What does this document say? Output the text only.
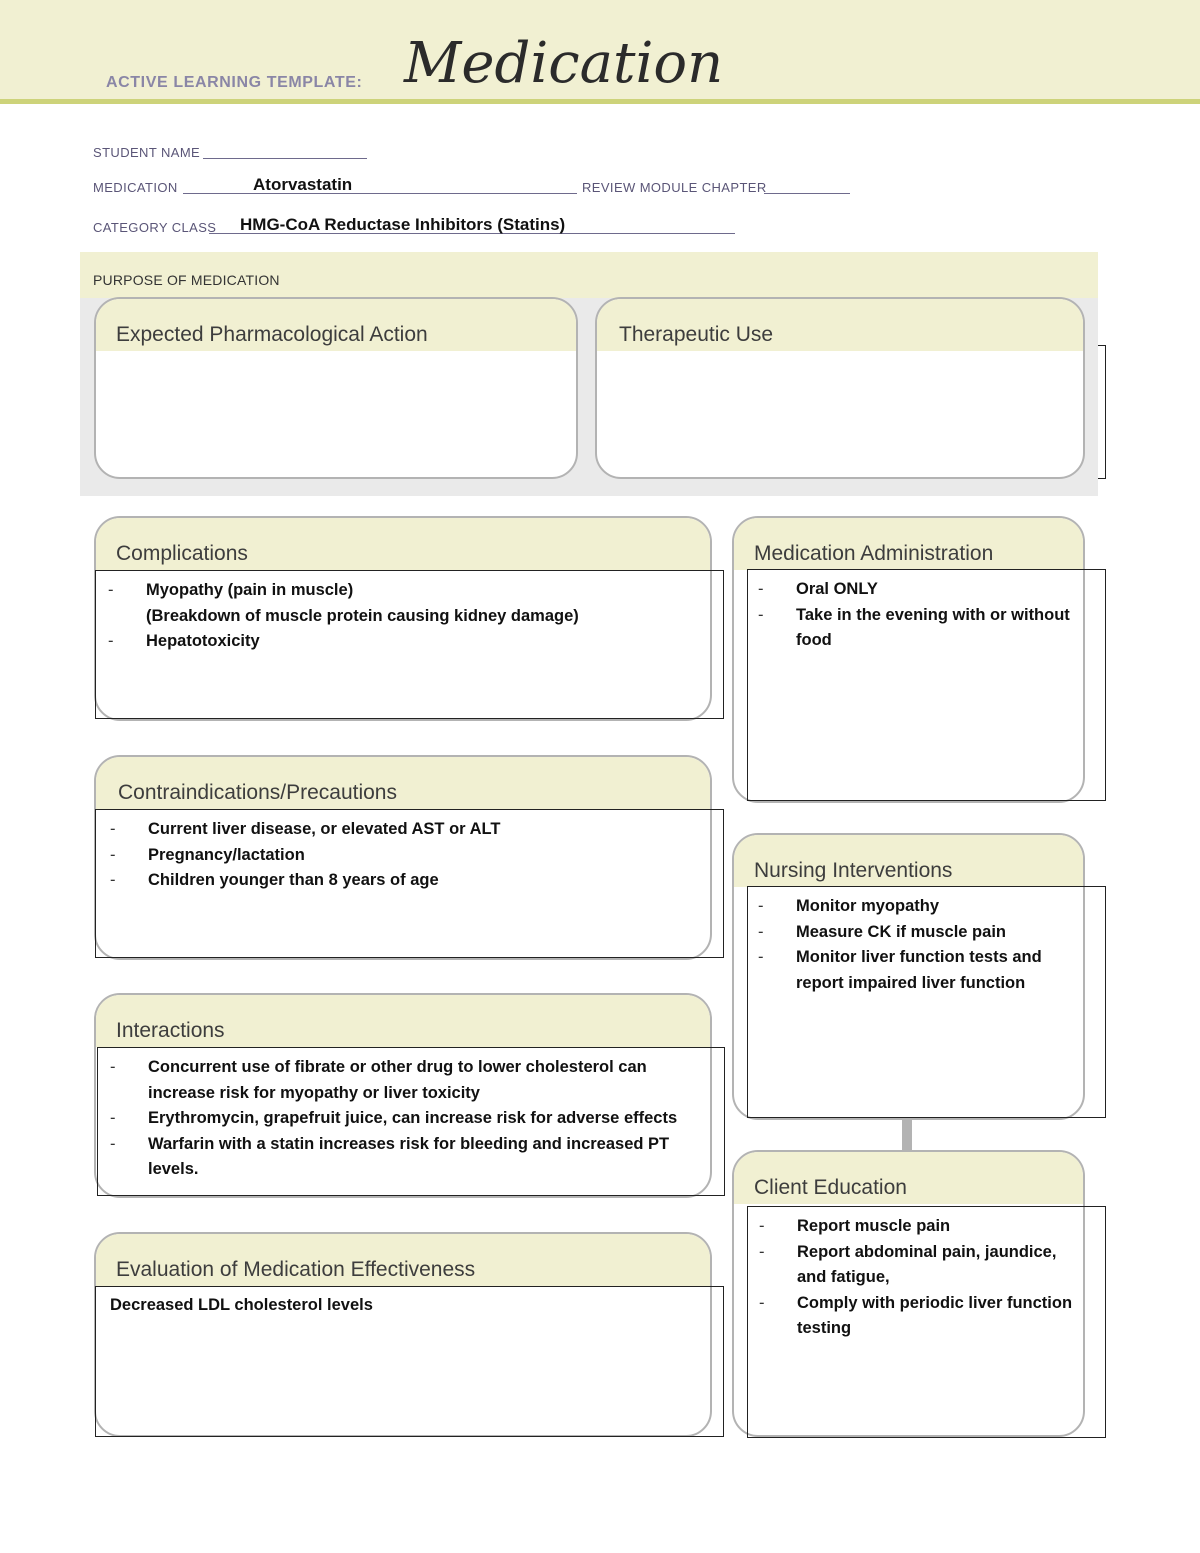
ACTIVE LEARNING TEMPLATE: Medication
STUDENT NAME
MEDICATION	Atorvastatin	REVIEW MODULE CHAPTER
CATEGORY CLASS HMG-CoA Reductase Inhibitors (Statins)
PURPOSE OF MEDICATION
Expected Pharmacological Action	Therapeutic Use
Complications
- Myopathy (pain in muscle)
(Breakdown of muscle protein causing kidney damage)
- Hepatotoxicity
Contraindications/Precautions
- Current liver disease, or elevated AST or ALT
- Pregnancy/lactation
- Children younger than 8 years of age
Interactions
- Concurrent use of fibrate or other drug to lower cholesterol can increase risk for myopathy or liver toxicity
- Erythromycin, grapefruit juice, can increase risk for adverse effects
- Warfarin with a statin increases risk for bleeding and increased PT levels.
Evaluation of Medication Effectiveness
Decreased LDL cholesterol levels
Medication Administration
- Oral ONLY
- Take in the evening with or without food
Nursing Interventions
- Monitor myopathy
- Measure CK if muscle pain
- Monitor liver function tests and report impaired liver function
Client Education
- Report muscle pain
- Report abdominal pain, jaundice, and fatigue,
- Comply with periodic liver function testing
